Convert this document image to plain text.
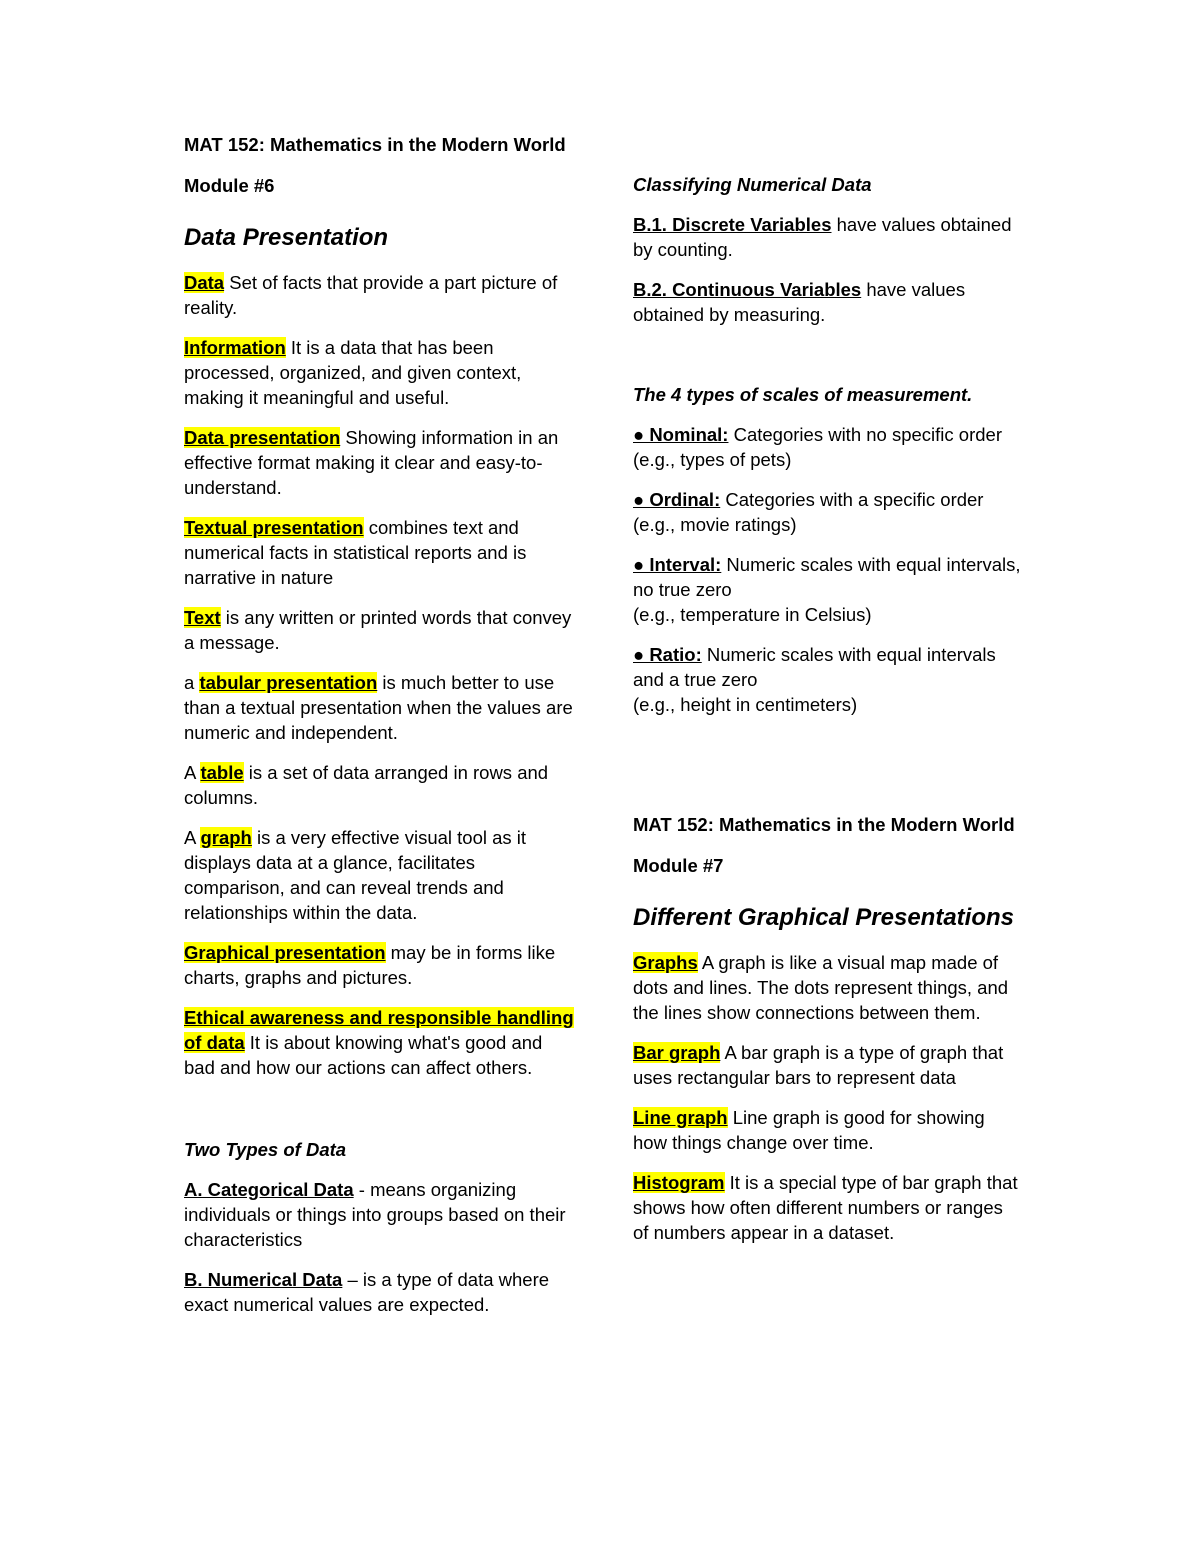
MAT 152: Mathematics in the Modern World
Module #6
Data Presentation
Data Set of facts that provide a part picture of reality.
Information It is a data that has been processed, organized, and given context, making it meaningful and useful.
Data presentation Showing information in an effective format making it clear and easy-to-understand.
Textual presentation combines text and numerical facts in statistical reports and is narrative in nature
Text is any written or printed words that convey a message.
a tabular presentation is much better to use than a textual presentation when the values are numeric and independent.
A table is a set of data arranged in rows and columns.
A graph is a very effective visual tool as it displays data at a glance, facilitates comparison, and can reveal trends and relationships within the data.
Graphical presentation may be in forms like charts, graphs and pictures.
Ethical awareness and responsible handling of data It is about knowing what's good and bad and how our actions can affect others.
Two Types of Data
A. Categorical Data - means organizing individuals or things into groups based on their characteristics
B. Numerical Data – is a type of data where exact numerical values are expected.
Classifying Numerical Data
B.1. Discrete Variables have values obtained by counting.
B.2. Continuous Variables have values obtained by measuring.
The 4 types of scales of measurement.
● Nominal: Categories with no specific order
(e.g., types of pets)
● Ordinal: Categories with a specific order
(e.g., movie ratings)
● Interval: Numeric scales with equal intervals, no true zero
(e.g., temperature in Celsius)
● Ratio: Numeric scales with equal intervals and a true zero
(e.g., height in centimeters)
MAT 152: Mathematics in the Modern World
Module #7
Different Graphical Presentations
Graphs A graph is like a visual map made of dots and lines. The dots represent things, and the lines show connections between them.
Bar graph A bar graph is a type of graph that uses rectangular bars to represent data
Line graph Line graph is good for showing how things change over time.
Histogram It is a special type of bar graph that shows how often different numbers or ranges of numbers appear in a dataset.
